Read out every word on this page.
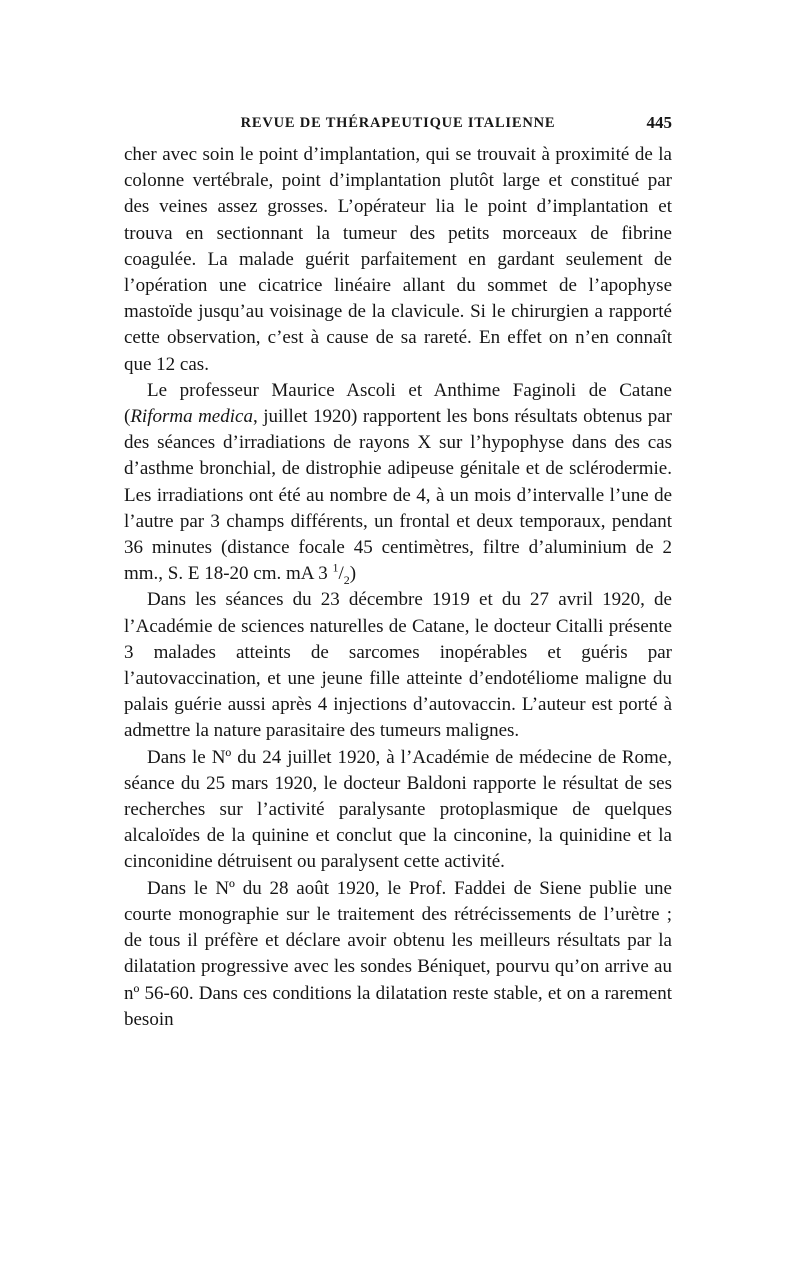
REVUE DE THÉRAPEUTIQUE ITALIENNE	445

cher avec soin le point d’implantation, qui se trouvait à proximité de la colonne vertébrale, point d’implantation plutôt large et constitué par des veines assez grosses. L’opérateur lia le point d’implantation et trouva en sectionnant la tumeur des petits morceaux de fibrine coagulée. La malade guérit parfaitement en gardant seulement de l’opération une cicatrice linéaire allant du sommet de l’apophyse mastoïde jusqu’au voisinage de la clavicule. Si le chirurgien a rapporté cette observation, c’est à cause de sa rareté. En effet on n’en connaît que 12 cas.

Le professeur Maurice Ascoli et Anthime Faginoli de Catane (Riforma medica, juillet 1920) rapportent les bons résultats obtenus par des séances d’irradiations de rayons X sur l’hypophyse dans des cas d’asthme bronchial, de distrophie adipeuse génitale et de sclérodermie. Les irradiations ont été au nombre de 4, à un mois d’intervalle l’une de l’autre par 3 champs différents, un frontal et deux temporaux, pendant 36 minutes (distance focale 45 centimètres, filtre d’aluminium de 2 mm., S. E 18-20 cm. mA 3 $^1/_2$)

Dans les séances du 23 décembre 1919 et du 27 avril 1920, de l’Académie de sciences naturelles de Catane, le docteur Citalli présente 3 malades atteints de sarcomes inopérables et guéris par l’autovaccination, et une jeune fille atteinte d’endotéliome maligne du palais guérie aussi après 4 injections d’autovaccin. L’auteur est porté à admettre la nature parasitaire des tumeurs malignes.

Dans le Nº du 24 juillet 1920, à l’Académie de médecine de Rome, séance du 25 mars 1920, le docteur Baldoni rapporte le résultat de ses recherches sur l’activité paralysante protoplasmique de quelques alcaloïdes de la quinine et conclut que la cinconine, la quinidine et la cinconidine détruisent ou paralysent cette activité.

Dans le Nº du 28 août 1920, le Prof. Faddei de Siene publie une courte monographie sur le traitement des rétrécissements de l’urètre ; de tous il préfère et déclare avoir obtenu les meilleurs résultats par la dilatation progressive avec les sondes Béniquet, pourvu qu’on arrive au nº 56-60. Dans ces conditions la dilatation reste stable, et on a rarement besoin
